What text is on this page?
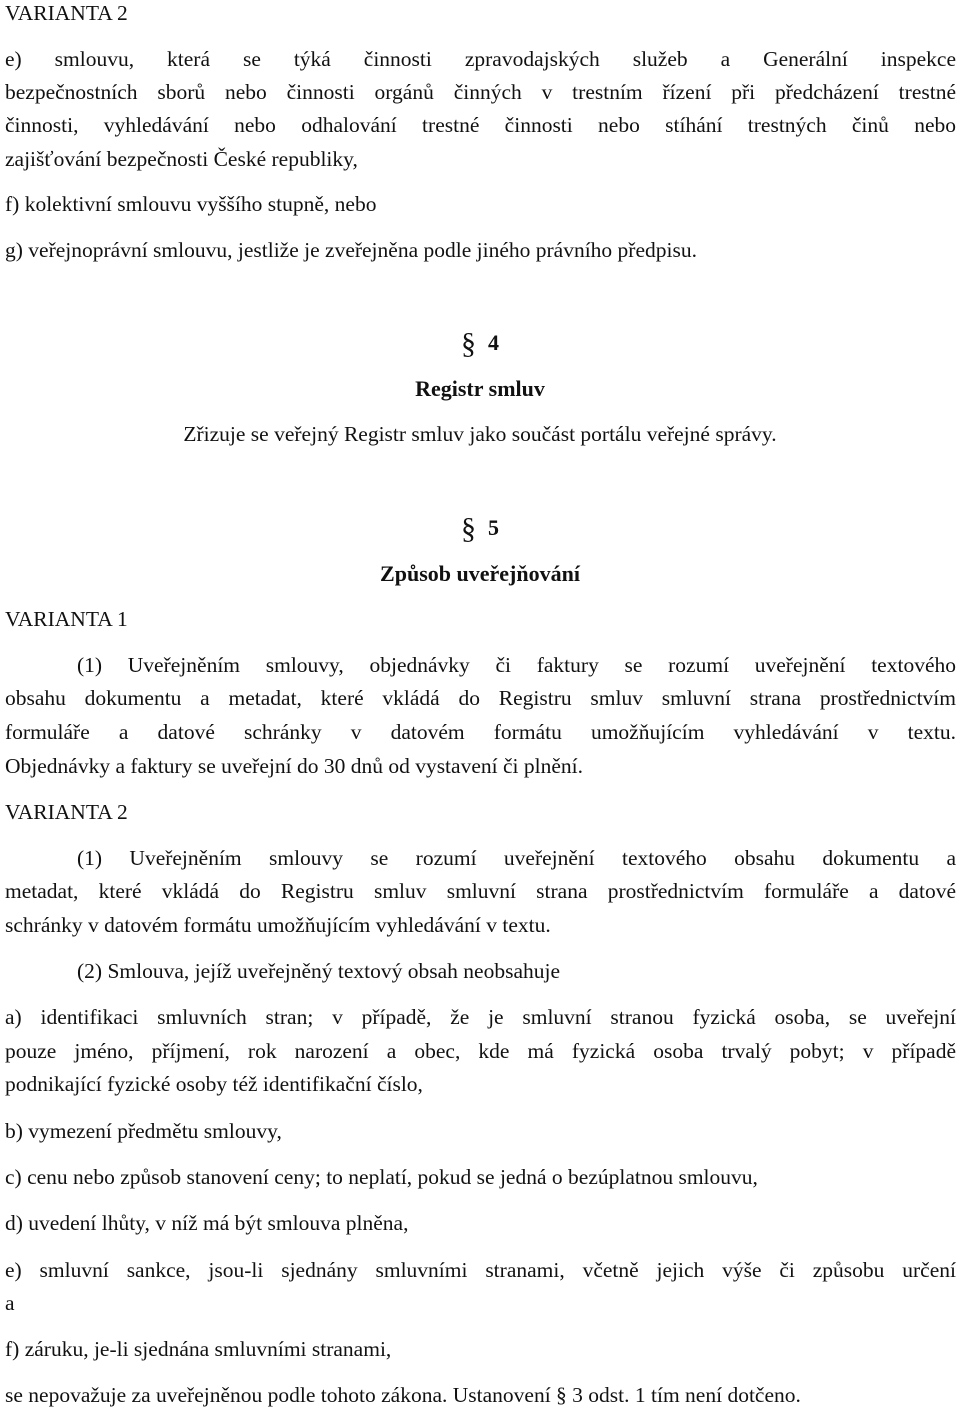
VARIANTA 2
e) smlouvu, která se týká činnosti zpravodajských služeb a Generální inspekce
bezpečnostních sborů nebo činnosti orgánů činných v trestním řízení při předcházení trestné
činnosti, vyhledávání nebo odhalování trestné činnosti nebo stíhání trestných činů nebo
zajišťování bezpečnosti České republiky,
f) kolektivní smlouvu vyššího stupně, nebo
g) veřejnoprávní smlouvu, jestliže je zveřejněna podle jiného právního předpisu.
§ 4
Registr smluv
Zřizuje se veřejný Registr smluv jako součást portálu veřejné správy.
§ 5
Způsob uveřejňování
VARIANTA 1
(1) Uveřejněním smlouvy, objednávky či faktury se rozumí uveřejnění textového
obsahu dokumentu a metadat, které vkládá do Registru smluv smluvní strana prostřednictvím
formuláře a datové schránky v datovém formátu umožňujícím vyhledávání v textu.
Objednávky a faktury se uveřejní do 30 dnů od vystavení či plnění.
VARIANTA 2
(1) Uveřejněním smlouvy se rozumí uveřejnění textového obsahu dokumentu a
metadat, které vkládá do Registru smluv smluvní strana prostřednictvím formuláře a datové
schránky v datovém formátu umožňujícím vyhledávání v textu.
(2) Smlouva, jejíž uveřejněný textový obsah neobsahuje
a) identifikaci smluvních stran; v případě, že je smluvní stranou fyzická osoba, se uveřejní
pouze jméno, příjmení, rok narození a obec, kde má fyzická osoba trvalý pobyt; v případě
podnikající fyzické osoby též identifikační číslo,
b) vymezení předmětu smlouvy,
c) cenu nebo způsob stanovení ceny; to neplatí, pokud se jedná o bezúplatnou smlouvu,
d) uvedení lhůty, v níž má být smlouva plněna,
e) smluvní sankce, jsou-li sjednány smluvními stranami, včetně jejich výše či způsobu určení
a
f) záruku, je-li sjednána smluvními stranami,
se nepovažuje za uveřejněnou podle tohoto zákona. Ustanovení § 3 odst. 1 tím není dotčeno.
